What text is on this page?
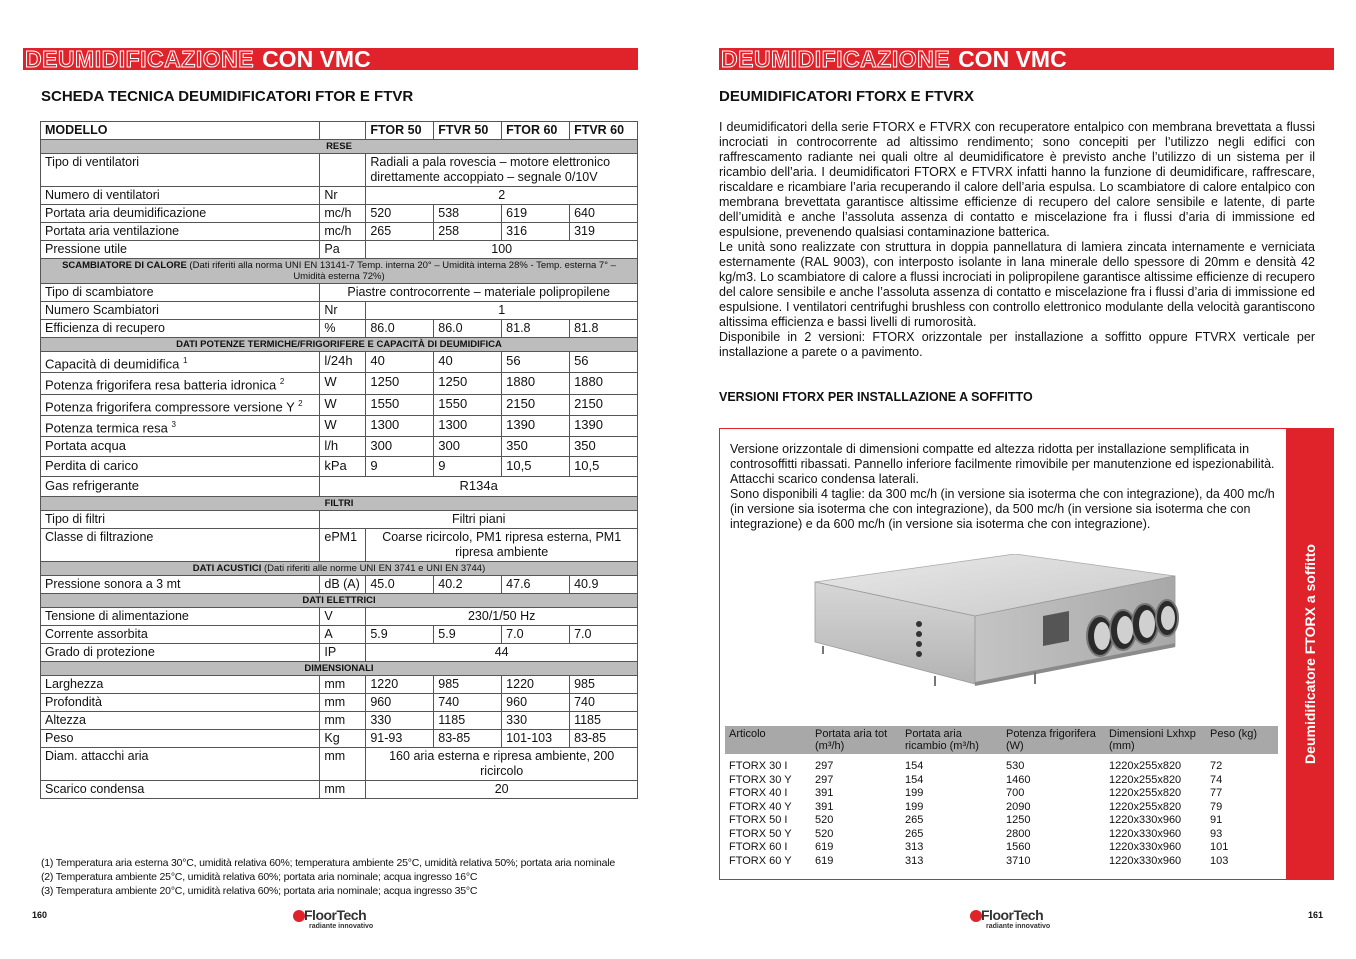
DEUMIDIFICAZIONE CON VMC
SCHEDA TECNICA DEUMIDIFICATORI FTOR E FTVR
MODELLO		FTOR 50	FTVR 50	FTOR 60	FTVR 60
RESE					
Tipo di ventilatori		Radiali a pala rovescia – motore elettronico direttamente accoppiato – segnale 0/10V			
Numero di ventilatori	Nr	2			
Portata aria deumidificazione	mc/h	520	538	619	640
Portata aria ventilazione	mc/h	265	258	316	319
Pressione utile	Pa	100			
SCAMBIATORE DI CALORE (Dati riferiti alla norma UNI EN 13141-7 Temp. interna 20° – Umidità interna 28% - Temp. esterna 7° – Umidità esterna 72%)					
Tipo di scambiatore	Piastre controcorrente – materiale polipropilene				
Numero Scambiatori	Nr	1			
Efficienza di recupero	%	86.0	86.0	81.8	81.8
DATI POTENZE TERMICHE/FRIGORIFERE E CAPACITÀ DI DEUMIDIFICA					
Capacità di deumidifica $^1$	l/24h	40	40	56	56
Potenza frigorifera resa batteria idronica $^2$	W	1250	1250	1880	1880
Potenza frigorifera compressore versione Y $^2$	W	1550	1550	2150	2150
Potenza termica resa $^3$	W	1300	1300	1390	1390
Portata acqua	l/h	300	300	350	350
Perdita di carico	kPa	9	9	10,5	10,5
Gas refrigerante	R134a				
FILTRI					
Tipo di filtri	Filtri piani				
Classe di filtrazione	ePM1	Coarse ricircolo, PM1 ripresa esterna, PM1 ripresa ambiente			
DATI ACUSTICI (Dati riferiti alle norme UNI EN 3741 e UNI EN 3744)					
Pressione sonora a 3 mt	dB (A)	45.0	40.2	47.6	40.9
DATI ELETTRICI					
Tensione di alimentazione	V	230/1/50 Hz			
Corrente assorbita	A	5.9	5.9	7.0	7.0
Grado di protezione	IP	44			
DIMENSIONALI					
Larghezza	mm	1220	985	1220	985
Profondità	mm	960	740	960	740
Altezza	mm	330	1185	330	1185
Peso	Kg	91-93	83-85	101-103	83-85
Diam. attacchi aria	mm	160 aria esterna e ripresa ambiente, 200 ricircolo			
Scarico condensa	mm	20			
(1) Temperatura aria esterna 30°C, umidità relativa 60%; temperatura ambiente 25°C, umidità relativa 50%; portata aria nominale
(2) Temperatura ambiente 25°C, umidità relativa 60%; portata aria nominale; acqua ingresso 16°C
(3) Temperatura ambiente 20°C, umidità relativa 60%; portata aria nominale; acqua ingresso 35°C
160	FloorTech
radiante innovativo
DEUMIDIFICAZIONE CON VMC
DEUMIDIFICATORI FTORX E FTVRX

I deumidificatori della serie FTORX e FTVRX con recuperatore entalpico con membrana brevettata a flussi incrociati in controcorrente ad altissimo rendimento; sono concepiti per l’utilizzo negli edifici con raffrescamento radiante nei quali oltre al deumidificatore è previsto anche l’utilizzo di un sistema per il ricambio dell’aria. I deumidificatori FTORX e FTVRX infatti hanno la funzione di deumidificare, raffrescare, riscaldare e ricambiare l’aria recuperando il calore dell’aria espulsa. Lo scambiatore di calore entalpico con membrana brevettata garantisce altissime efficienze di recupero del calore sensibile e latente, di parte dell’umidità e anche l’assoluta assenza di contatto e miscelazione fra i flussi d’aria di immissione ed espulsione, prevenendo qualsiasi contaminazione batterica.

Le unità sono realizzate con struttura in doppia pannellatura di lamiera zincata internamente e verniciata esternamente (RAL 9003), con interposto isolante in lana minerale dello spessore di 20mm e densità 42 kg/m3. Lo scambiatore di calore a flussi incrociati in polipropilene garantisce altissime efficienze di recupero del calore sensibile e anche l’assoluta assenza di contatto e miscelazione fra i flussi d’aria di immissione ed espulsione. I ventilatori centrifughi brushless con controllo elettronico modulante della velocità garantiscono altissima efficienza e bassi livelli di rumorosità.

Disponibile in 2 versioni: FTORX orizzontale per installazione a soffitto oppure FTVRX verticale per installazione a parete o a pavimento.

VERSIONI FTORX PER INSTALLAZIONE A SOFFITTO
Deumidificatore FTORX a soffitto

Versione orizzontale di dimensioni compatte ed altezza ridotta per installazione semplificata in controsoffitti ribassati. Pannello inferiore facilmente rimovibile per manutenzione ed ispezionabilità. Attacchi scarico condensa laterali.

Sono disponibili 4 taglie: da 300 mc/h (in versione sia isoterma che con integrazione), da 400 mc/h (in versione sia isoterma che con integrazione), da 500 mc/h (in versione sia isoterma che con integrazione) e da 600 mc/h (in versione sia isoterma che con integrazione).

Articolo	Portata aria tot (m³/h)	Portata aria ricambio (m³/h)	Potenza frigorifera (W)	Dimensioni Lxhxp (mm)	Peso (kg)
FTORX 30 I	297	154	530	1220x255x820	72
FTORX 30 Y	297	154	1460	1220x255x820	74
FTORX 40 I	391	199	700	1220x255x820	77
FTORX 40 Y	391	199	2090	1220x255x820	79
FTORX 50 I	520	265	1250	1220x330x960	91
FTORX 50 Y	520	265	2800	1220x330x960	93
FTORX 60 I	619	313	1560	1220x330x960	101
FTORX 60 Y	619	313	3710	1220x330x960	103
161
FloorTech
radiante innovativo
